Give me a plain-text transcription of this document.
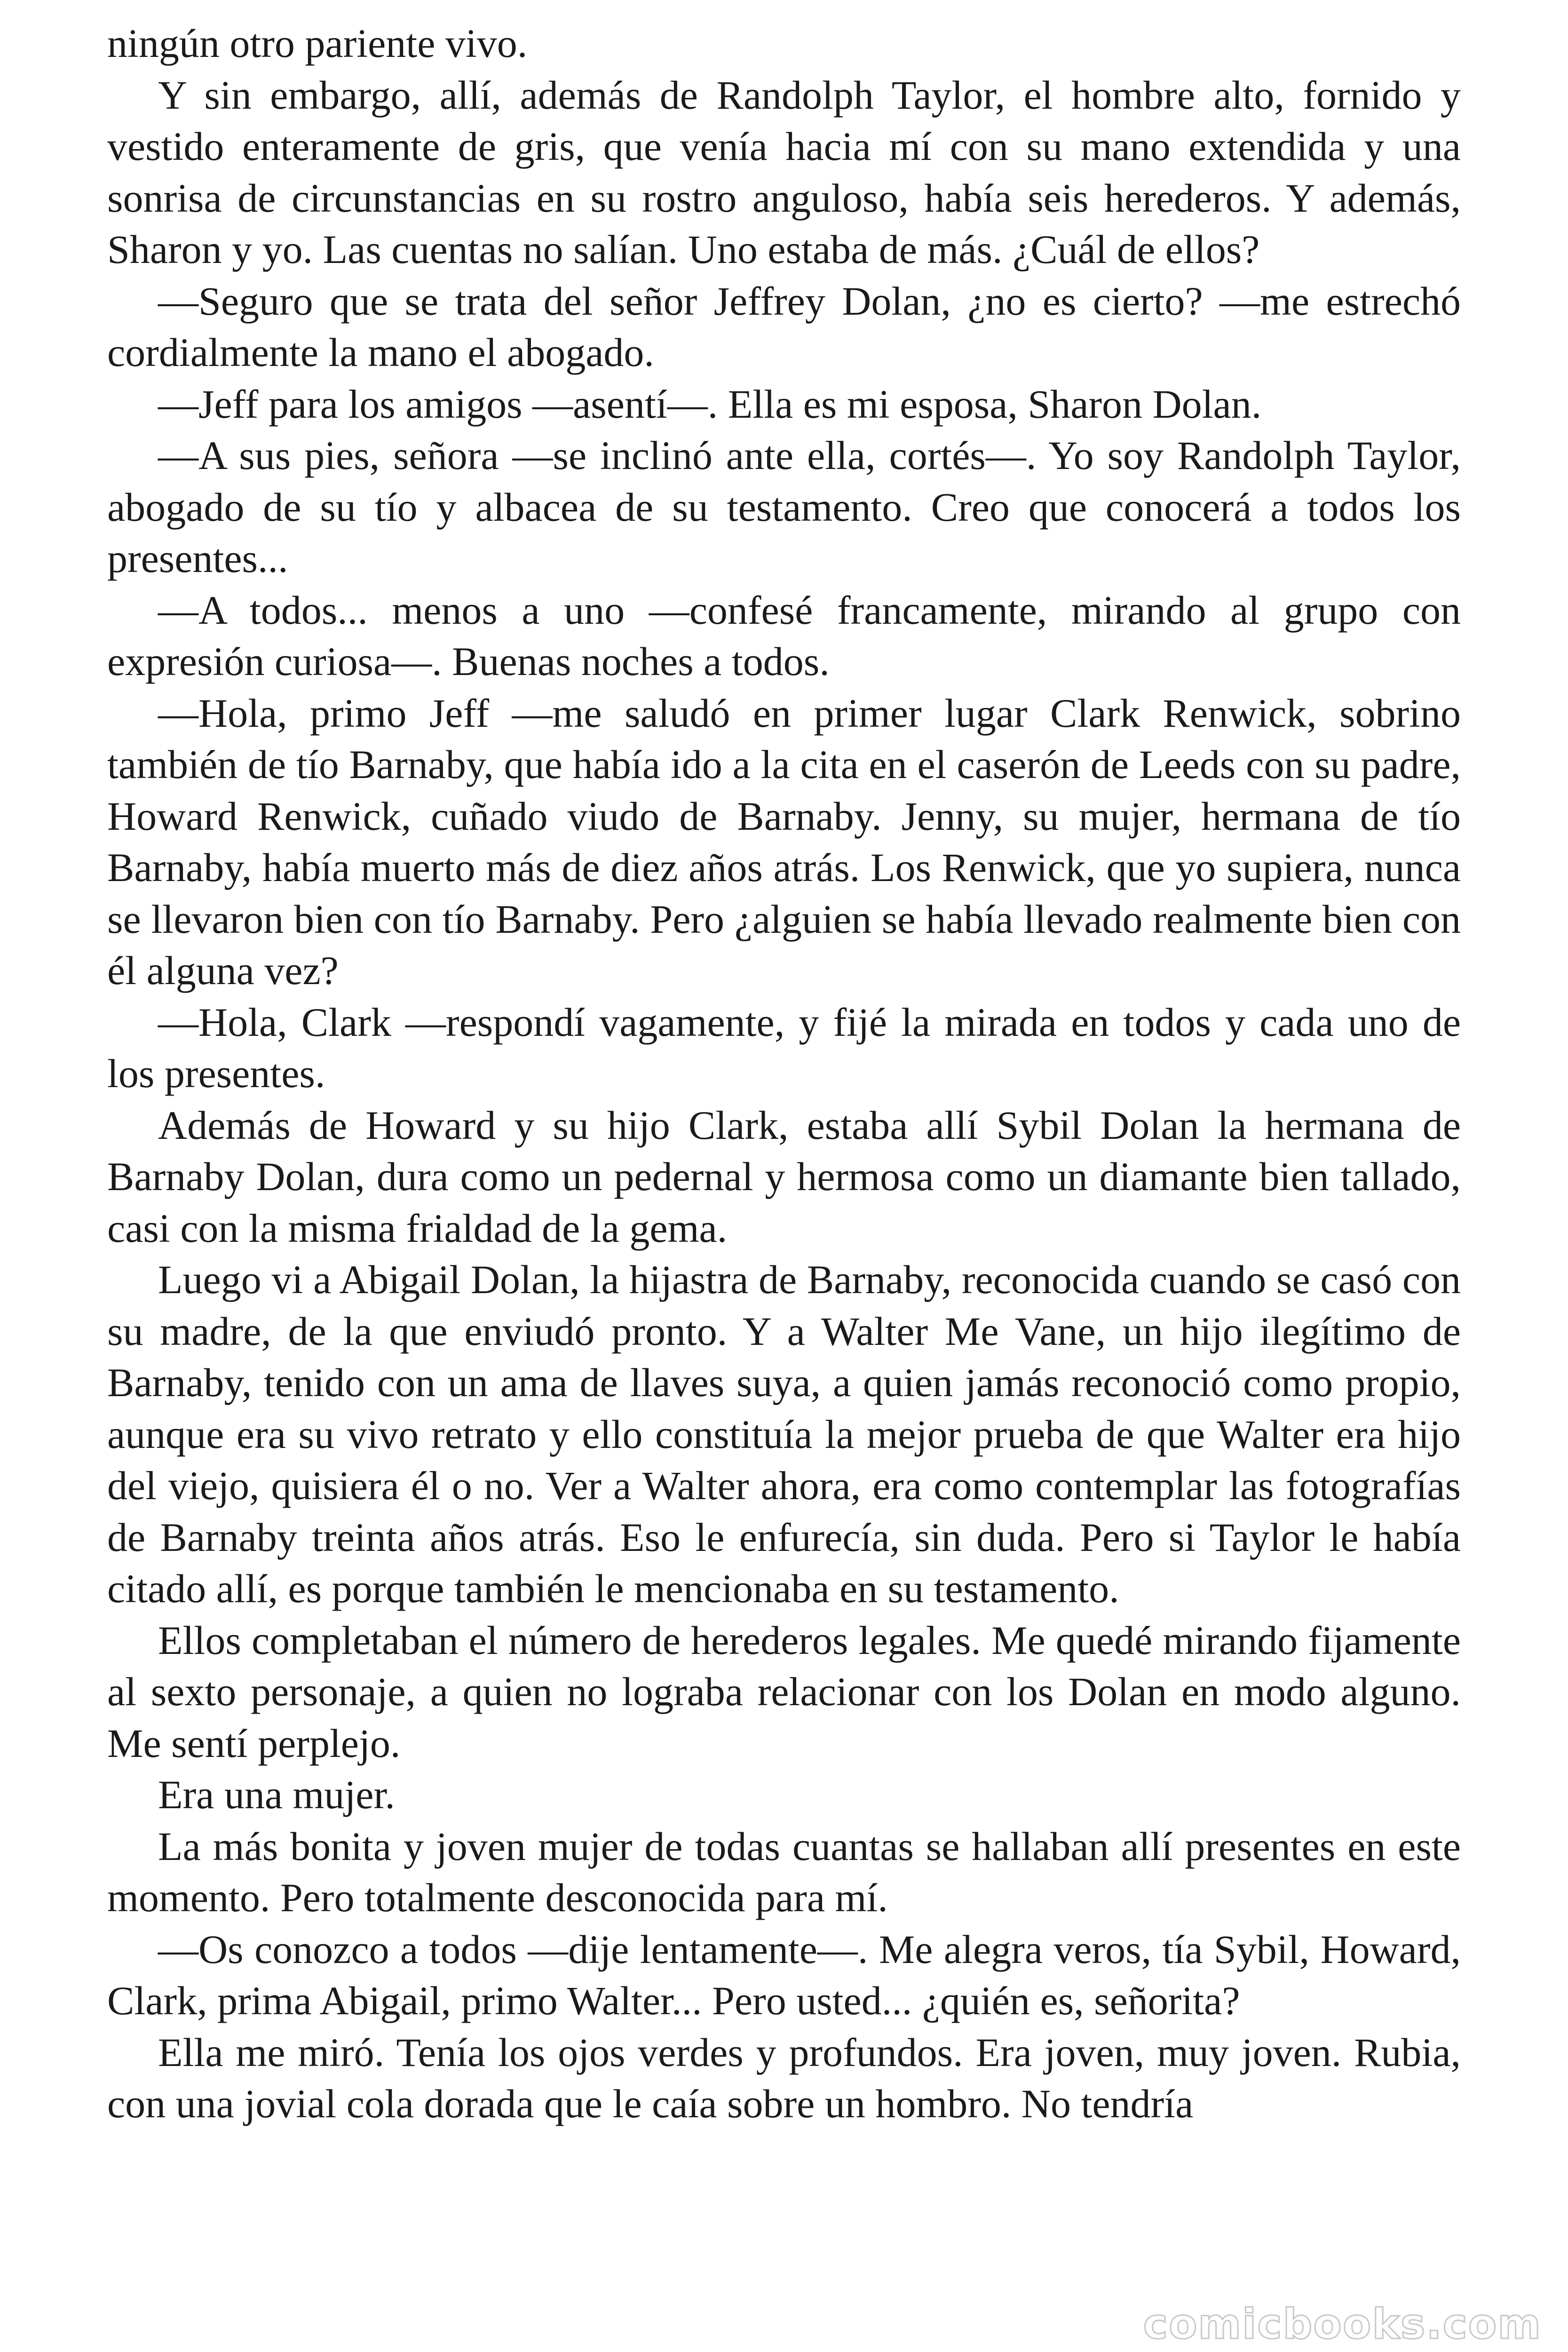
ningún otro pariente vivo.

Y sin embargo, allí, además de Randolph Taylor, el hombre alto, fornido y vestido enteramente de gris, que venía hacia mí con su mano extendida y una sonrisa de circunstancias en su rostro anguloso, había seis herederos. Y además, Sharon y yo. Las cuentas no salían. Uno estaba de más. ¿Cuál de ellos?

—Seguro que se trata del señor Jeffrey Dolan, ¿no es cierto? —me estrechó cordialmente la mano el abogado.

—Jeff para los amigos —asentí—. Ella es mi esposa, Sharon Dolan.

—A sus pies, señora —se inclinó ante ella, cortés—. Yo soy Randolph Taylor, abogado de su tío y albacea de su testamento. Creo que conocerá a todos los presentes...

—A todos... menos a uno —confesé francamente, mirando al grupo con expresión curiosa—. Buenas noches a todos.

—Hola, primo Jeff —me saludó en primer lugar Clark Renwick, sobrino también de tío Barnaby, que había ido a la cita en el caserón de Leeds con su padre, Howard Renwick, cuñado viudo de Barnaby. Jenny, su mujer, hermana de tío Barnaby, había muerto más de diez años atrás. Los Renwick, que yo supiera, nunca se llevaron bien con tío Barnaby. Pero ¿alguien se había llevado realmente bien con él alguna vez?

—Hola, Clark —respondí vagamente, y fijé la mirada en todos y cada uno de los presentes.

Además de Howard y su hijo Clark, estaba allí Sybil Dolan la hermana de Barnaby Dolan, dura como un pedernal y hermosa como un diamante bien tallado, casi con la misma frialdad de la gema.

Luego vi a Abigail Dolan, la hijastra de Barnaby, reconocida cuando se casó con su madre, de la que enviudó pronto. Y a Walter Me Vane, un hijo ilegítimo de Barnaby, tenido con un ama de llaves suya, a quien jamás reconoció como propio, aunque era su vivo retrato y ello constituía la mejor prueba de que Walter era hijo del viejo, quisiera él o no. Ver a Walter ahora, era como contemplar las fotografías de Barnaby treinta años atrás. Eso le enfurecía, sin duda. Pero si Taylor le había citado allí, es porque también le mencionaba en su testamento.

Ellos completaban el número de herederos legales. Me quedé mirando fijamente al sexto personaje, a quien no lograba relacionar con los Dolan en modo alguno. Me sentí perplejo.

Era una mujer.

La más bonita y joven mujer de todas cuantas se hallaban allí presentes en este momento. Pero totalmente desconocida para mí.

—Os conozco a todos —dije lentamente—. Me alegra veros, tía Sybil, Howard, Clark, prima Abigail, primo Walter... Pero usted... ¿quién es, señorita?

Ella me miró. Tenía los ojos verdes y profundos. Era joven, muy joven. Rubia, con una jovial cola dorada que le caía sobre un hombro. No tendría

comicbooks.com
